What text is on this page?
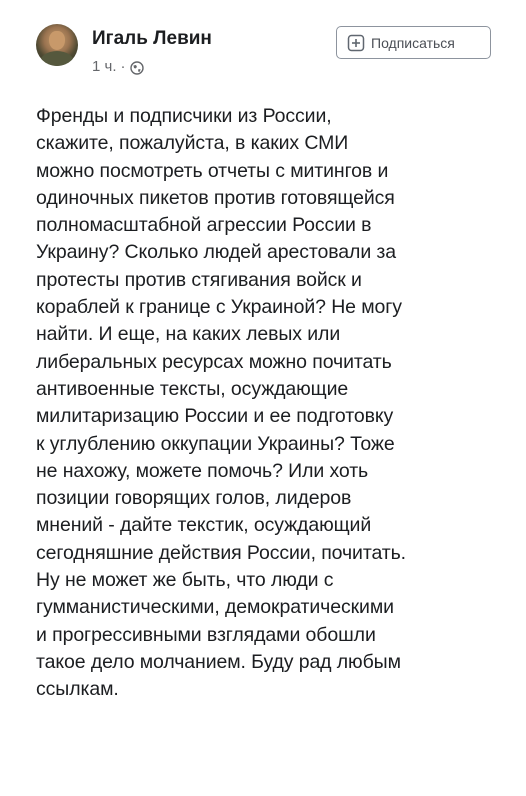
Игаль Левин
1 ч. ·
Подписаться
Френды и подписчики из России,
скажите, пожалуйста, в каких СМИ
можно посмотреть отчеты с митингов и
одиночных пикетов против готовящейся
полномасштабной агрессии России в
Украину? Сколько людей арестовали за
протесты против стягивания войск и
кораблей к границе с Украиной? Не могу
найти. И еще, на каких левых или
либеральных ресурсах можно почитать
антивоенные тексты, осуждающие
милитаризацию России и ее подготовку
к углублению оккупации Украины? Тоже
не нахожу, можете помочь? Или хоть
позиции говорящих голов, лидеров
мнений - дайте текстик, осуждающий
сегодняшние действия России, почитать.
Ну не может же быть, что люди с
гумманистическими, демократическими
и прогрессивными взглядами обошли
такое дело молчанием. Буду рад любым
ссылкам.
